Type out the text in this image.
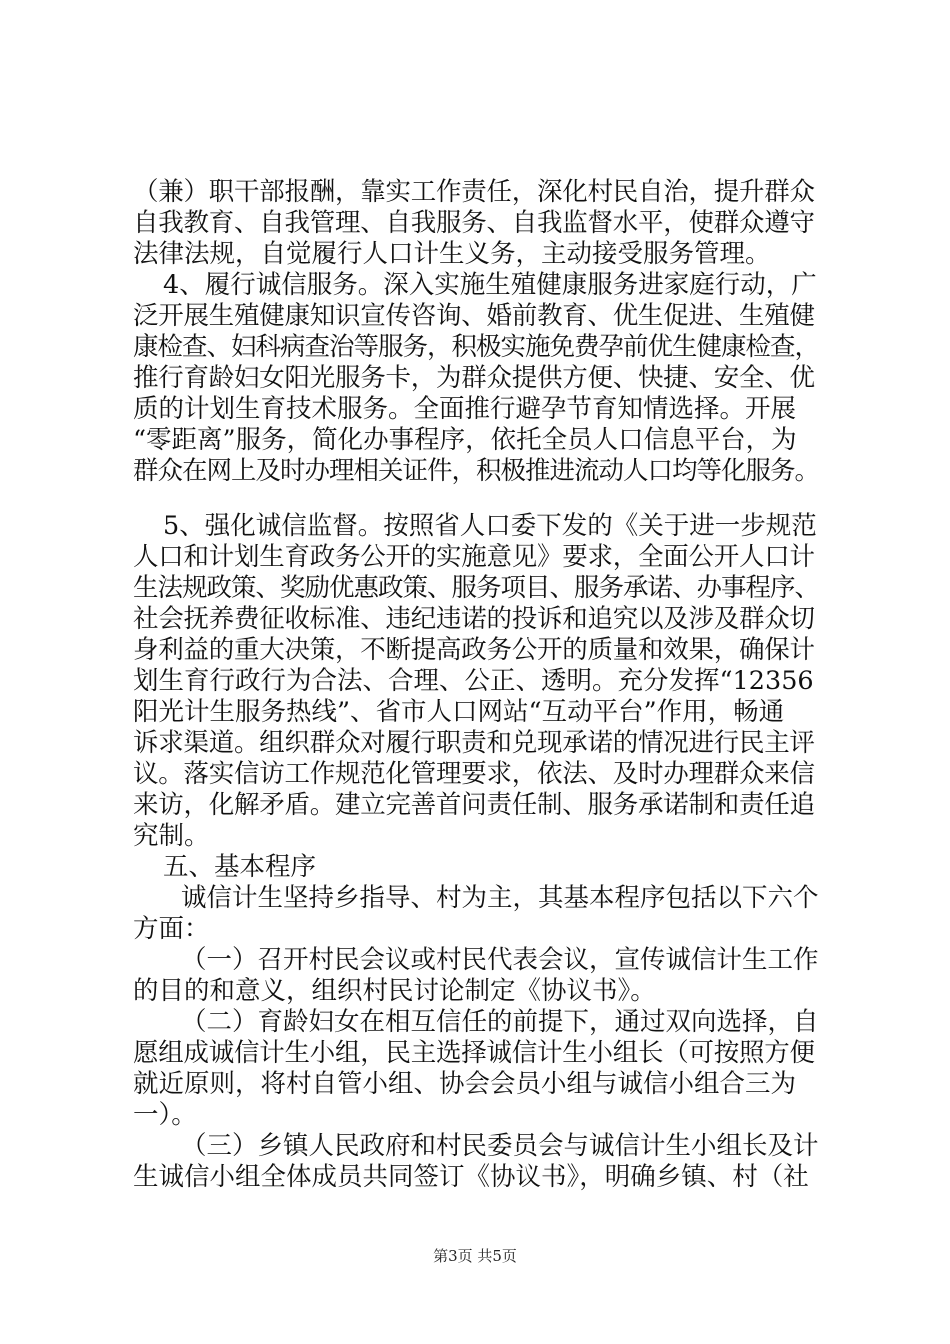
（兼）职干部报酬，靠实工作责任，深化村民自治，提升群众
自我教育、自我管理、自我服务、自我监督水平，使群众遵守
法律法规，自觉履行人口计生义务，主动接受服务管理。
4、履行诚信服务。深入实施生殖健康服务进家庭行动，广
泛开展生殖健康知识宣传咨询、婚前教育、优生促进、生殖健
康检查、妇科病查治等服务，积极实施免费孕前优生健康检查，
推行育龄妇女阳光服务卡，为群众提供方便、快捷、安全、优
质的计划生育技术服务。全面推行避孕节育知情选择。开展
“零距离”服务，简化办事程序，依托全员人口信息平台，为
群众在网上及时办理相关证件，积极推进流动人口均等化服务。
5、强化诚信监督。按照省人口委下发的《关于进一步规范
人口和计划生育政务公开的实施意见》要求，全面公开人口计
生法规政策、奖励优惠政策、服务项目、服务承诺、办事程序、
社会抚养费征收标准、违纪违诺的投诉和追究以及涉及群众切
身利益的重大决策，不断提高政务公开的质量和效果，确保计
划生育行政行为合法、合理、公正、透明。充分发挥“12356
阳光计生服务热线”、省市人口网站“互动平台”作用，畅通
诉求渠道。组织群众对履行职责和兑现承诺的情况进行民主评
议。落实信访工作规范化管理要求，依法、及时办理群众来信
来访，化解矛盾。建立完善首问责任制、服务承诺制和责任追
究制。
五、基本程序
诚信计生坚持乡指导、村为主，其基本程序包括以下六个
方面：
（一）召开村民会议或村民代表会议，宣传诚信计生工作
的目的和意义，组织村民讨论制定《协议书》。
（二）育龄妇女在相互信任的前提下，通过双向选择，自
愿组成诚信计生小组，民主选择诚信计生小组长（可按照方便
就近原则，将村自管小组、协会会员小组与诚信小组合三为
一）。
（三）乡镇人民政府和村民委员会与诚信计生小组长及计
生诚信小组全体成员共同签订《协议书》，明确乡镇、村（社
第3页 共5页
